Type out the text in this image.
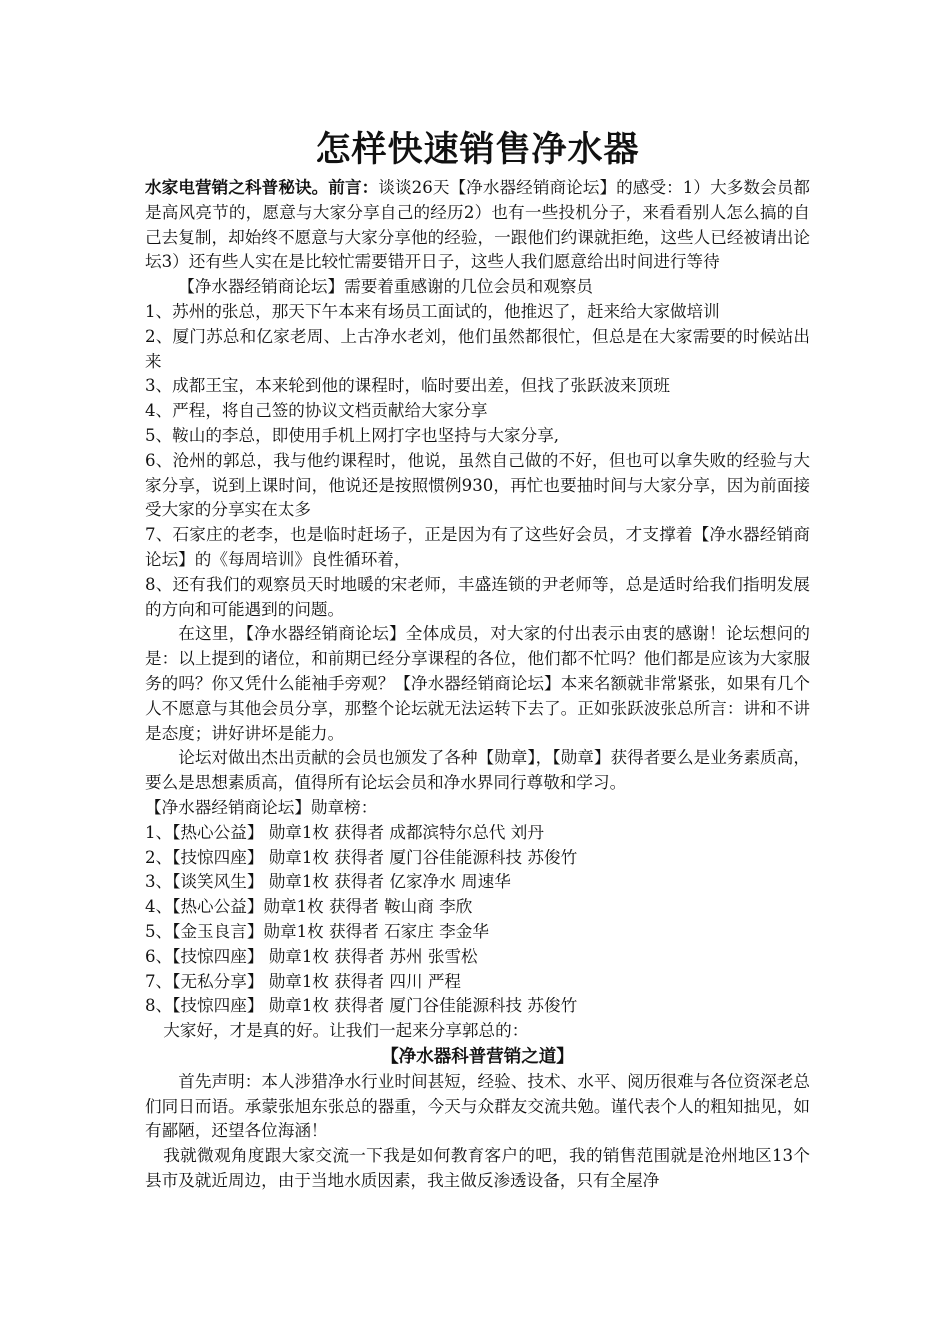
怎样快速销售净水器

水家电营销之科普秘诀。前言：谈谈26天【净水器经销商论坛】的感受：1）大多数会员都是高风亮节的，愿意与大家分享自己的经历2）也有一些投机分子，来看看别人怎么搞的自己去复制，却始终不愿意与大家分享他的经验，一跟他们约课就拒绝，这些人已经被请出论坛3）还有些人实在是比较忙需要错开日子，这些人我们愿意给出时间进行等待

【净水器经销商论坛】需要着重感谢的几位会员和观察员

1、苏州的张总，那天下午本来有场员工面试的，他推迟了，赶来给大家做培训

2、厦门苏总和亿家老周、上古净水老刘，他们虽然都很忙，但总是在大家需要的时候站出来

3、成都王宝，本来轮到他的课程时，临时要出差，但找了张跃波来顶班

4、严程，将自己签的协议文档贡献给大家分享

5、鞍山的李总，即使用手机上网打字也坚持与大家分享,

6、沧州的郭总，我与他约课程时，他说，虽然自己做的不好，但也可以拿失败的经验与大家分享，说到上课时间，他说还是按照惯例930，再忙也要抽时间与大家分享，因为前面接受大家的分享实在太多

7、石家庄的老李，也是临时赶场子，正是因为有了这些好会员，才支撑着【净水器经销商论坛】的《每周培训》良性循环着，

8、还有我们的观察员天时地暖的宋老师，丰盛连锁的尹老师等，总是适时给我们指明发展的方向和可能遇到的问题。

在这里，【净水器经销商论坛】全体成员，对大家的付出表示由衷的感谢！论坛想问的是：以上提到的诸位，和前期已经分享课程的各位，他们都不忙吗？他们都是应该为大家服务的吗？你又凭什么能袖手旁观？【净水器经销商论坛】本来名额就非常紧张，如果有几个人不愿意与其他会员分享，那整个论坛就无法运转下去了。正如张跃波张总所言：讲和不讲是态度；讲好讲坏是能力。

论坛对做出杰出贡献的会员也颁发了各种【勋章】，【勋章】获得者要么是业务素质高，要么是思想素质高，值得所有论坛会员和净水界同行尊敬和学习。

【净水器经销商论坛】勋章榜：

1、【热心公益】 勋章1枚 获得者 成都滨特尔总代 刘丹

2、【技惊四座】 勋章1枚 获得者 厦门谷佳能源科技 苏俊竹

3、【谈笑风生】 勋章1枚 获得者 亿家净水 周速华

4、【热心公益】勋章1枚 获得者 鞍山商 李欣

5、【金玉良言】勋章1枚 获得者 石家庄 李金华

6、【技惊四座】 勋章1枚 获得者 苏州 张雪松

7、【无私分享】 勋章1枚 获得者 四川 严程

8、【技惊四座】 勋章1枚 获得者 厦门谷佳能源科技 苏俊竹

大家好，才是真的好。让我们一起来分享郭总的：

【净水器科普营销之道】

首先声明：本人涉猎净水行业时间甚短，经验、技术、水平、阅历很难与各位资深老总们同日而语。承蒙张旭东张总的器重，今天与众群友交流共勉。谨代表个人的粗知拙见，如有鄙陋，还望各位海涵！

我就微观角度跟大家交流一下我是如何教育客户的吧，我的销售范围就是沧州地区13个县市及就近周边，由于当地水质因素，我主做反渗透设备，只有全屋净
